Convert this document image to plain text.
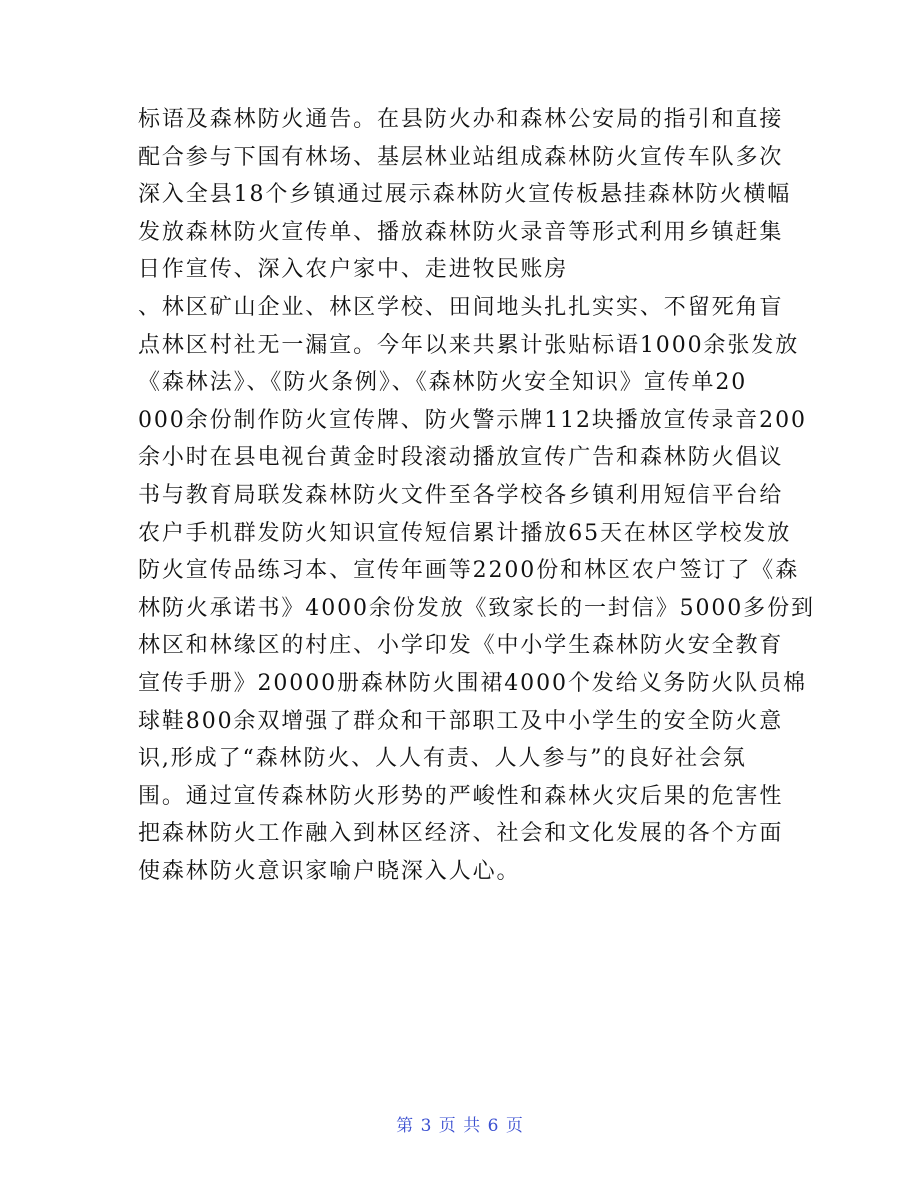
标语及森林防火通告。在县防火办和森林公安局的指引和直接
配合参与下国有林场、基层林业站组成森林防火宣传车队多次
深入全县18个乡镇通过展示森林防火宣传板悬挂森林防火横幅
发放森林防火宣传单、播放森林防火录音等形式利用乡镇赶集
日作宣传、深入农户家中、走进牧民账房
、林区矿山企业、林区学校、田间地头扎扎实实、不留死角盲
点林区村社无一漏宣。今年以来共累计张贴标语1000余张发放
《森林法》、《防火条例》、《森林防火安全知识》宣传单20
000余份制作防火宣传牌、防火警示牌112块播放宣传录音200
余小时在县电视台黄金时段滚动播放宣传广告和森林防火倡议
书与教育局联发森林防火文件至各学校各乡镇利用短信平台给
农户手机群发防火知识宣传短信累计播放65天在林区学校发放
防火宣传品练习本、宣传年画等2200份和林区农户签订了《森
林防火承诺书》4000余份发放《致家长的一封信》5000多份到
林区和林缘区的村庄、小学印发《中小学生森林防火安全教育
宣传手册》20000册森林防火围裙4000个发给义务防火队员棉
球鞋800余双增强了群众和干部职工及中小学生的安全防火意
识,形成了“森林防火、人人有责、人人参与”的良好社会氛
围。通过宣传森林防火形势的严峻性和森林火灾后果的危害性
把森林防火工作融入到林区经济、社会和文化发展的各个方面
使森林防火意识家喻户晓深入人心。
第 3 页 共 6 页
